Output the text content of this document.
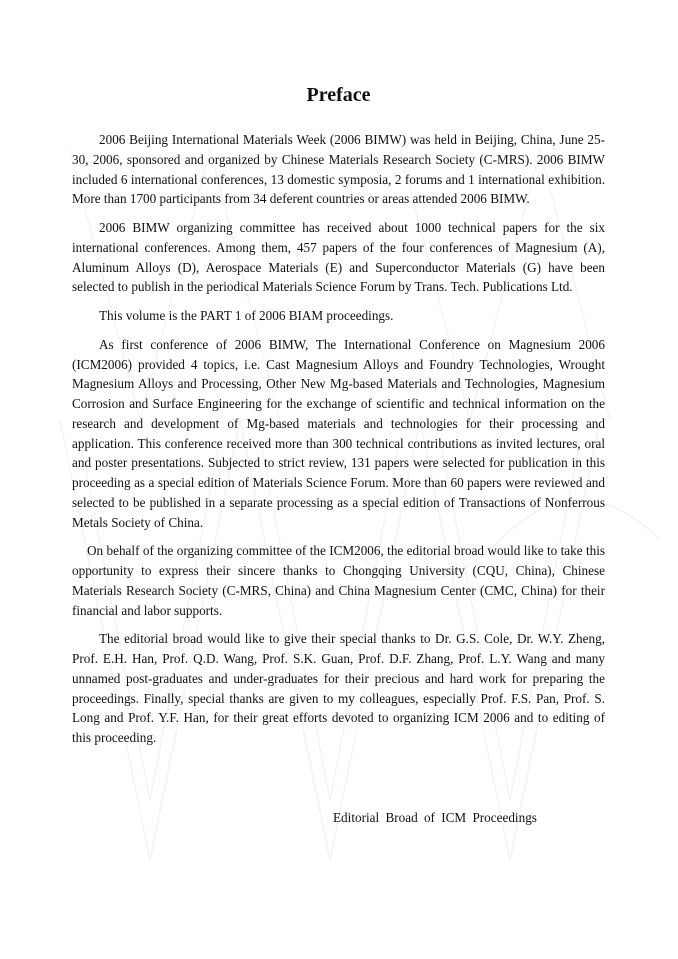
Preface

2006 Beijing International Materials Week (2006 BIMW) was held in Beijing, China, June 25-30, 2006, sponsored and organized by Chinese Materials Research Society (C-MRS). 2006 BIMW included 6 international conferences, 13 domestic symposia, 2 forums and 1 international exhibition. More than 1700 participants from 34 deferent countries or areas attended 2006 BIMW.

2006 BIMW organizing committee has received about 1000 technical papers for the six international conferences. Among them, 457 papers of the four conferences of Magnesium (A), Aluminum Alloys (D), Aerospace Materials (E) and Superconductor Materials (G) have been selected to publish in the periodical Materials Science Forum by Trans. Tech. Publications Ltd.

This volume is the PART 1 of 2006 BIAM proceedings.

As first conference of 2006 BIMW, The International Conference on Magnesium 2006 (ICM2006) provided 4 topics, i.e. Cast Magnesium Alloys and Foundry Technologies, Wrought Magnesium Alloys and Processing, Other New Mg-based Materials and Technologies, Magnesium Corrosion and Surface Engineering for the exchange of scientific and technical information on the research and development of Mg-based materials and technologies for their processing and application. This conference received more than 300 technical contributions as invited lectures, oral and poster presentations. Subjected to strict review, 131 papers were selected for publication in this proceeding as a special edition of Materials Science Forum. More than 60 papers were reviewed and selected to be published in a separate processing as a special edition of Transactions of Nonferrous Metals Society of China.

On behalf of the organizing committee of the ICM2006, the editorial broad would like to take this opportunity to express their sincere thanks to Chongqing University (CQU, China), Chinese Materials Research Society (C-MRS, China) and China Magnesium Center (CMC, China) for their financial and labor supports.

The editorial broad would like to give their special thanks to Dr. G.S. Cole, Dr. W.Y. Zheng, Prof. E.H. Han, Prof. Q.D. Wang, Prof. S.K. Guan, Prof. D.F. Zhang, Prof. L.Y. Wang and many unnamed post-graduates and under-graduates for their precious and hard work for preparing the proceedings. Finally, special thanks are given to my colleagues, especially Prof. F.S. Pan, Prof. S. Long and Prof. Y.F. Han, for their great efforts devoted to organizing ICM 2006 and to editing of this proceeding.

Editorial Broad of ICM Proceedings
